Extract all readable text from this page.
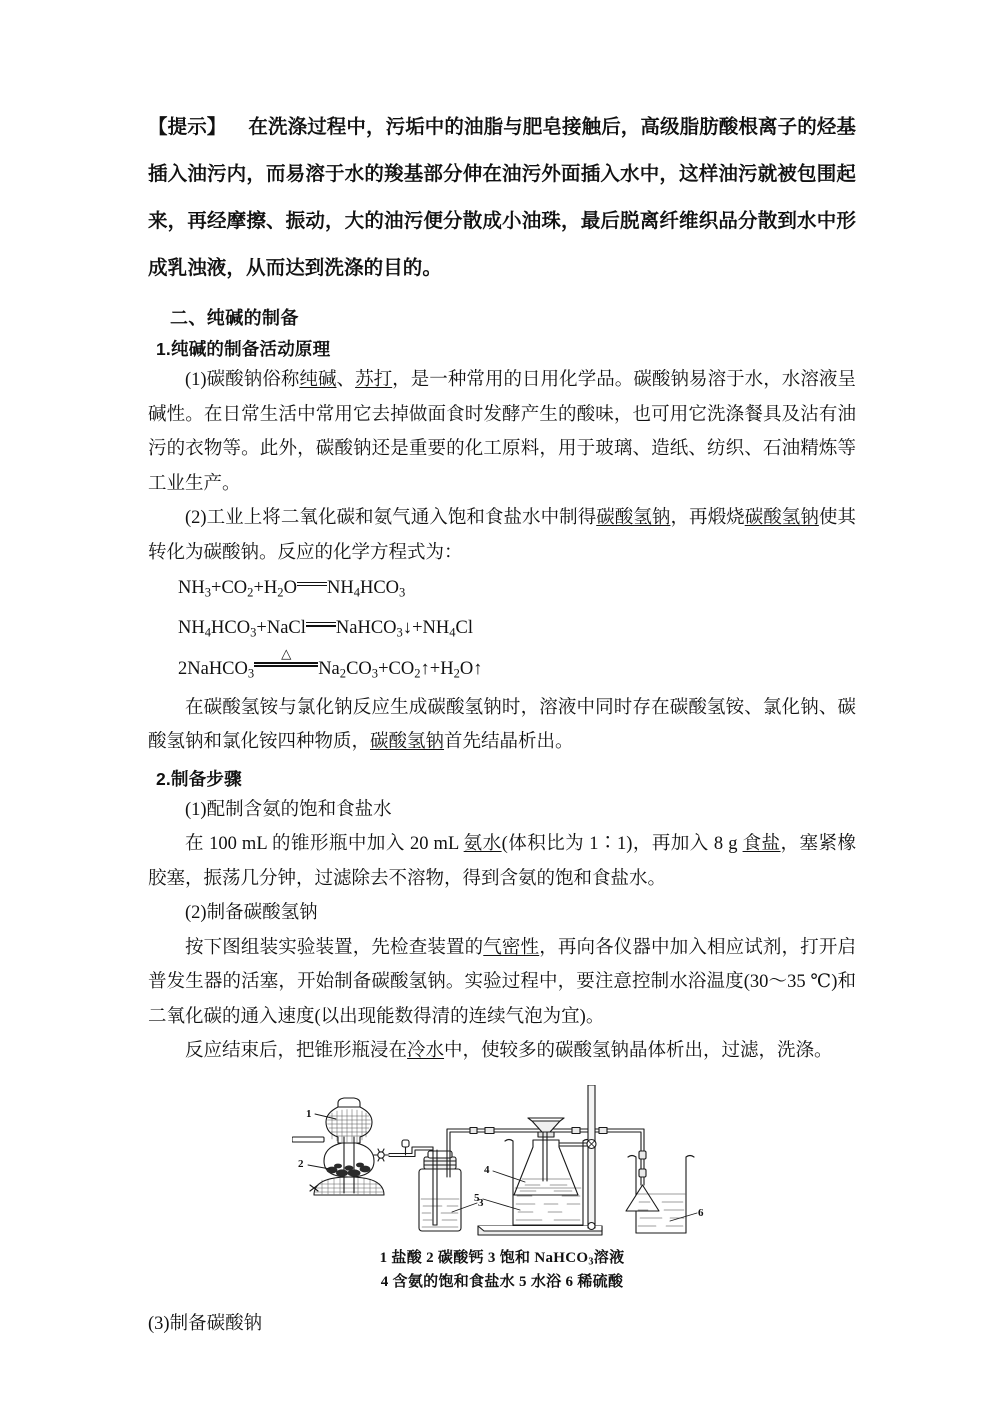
【提示】 在洗涤过程中，污垢中的油脂与肥皂接触后，高级脂肪酸根离子的烃基插入油污内，而易溶于水的羧基部分伸在油污外面插入水中，这样油污就被包围起来，再经摩擦、振动，大的油污便分散成小油珠，最后脱离纤维织品分散到水中形成乳浊液，从而达到洗涤的目的。
二、纯碱的制备
1.纯碱的制备活动原理

(1)碳酸钠俗称纯碱、苏打，是一种常用的日用化学品。碳酸钠易溶于水，水溶液呈碱性。在日常生活中常用它去掉做面食时发酵产生的酸味，也可用它洗涤餐具及沾有油污的衣物等。此外，碳酸钠还是重要的化工原料，用于玻璃、造纸、纺织、石油精炼等工业生产。

(2)工业上将二氧化碳和氨气通入饱和食盐水中制得碳酸氢钠，再煅烧碳酸氢钠使其转化为碳酸钠。反应的化学方程式为：

$NH_3+CO_2+H_2O$ $NH_4HCO_3$
$NH_4HCO_3+NaCl$ $NaHCO_3↓+NH_4Cl$
2NaHCO$_3$
△
$Na_2CO_3+CO_2↑+H_2O↑$

在碳酸氢铵与氯化钠反应生成碳酸氢钠时，溶液中同时存在碳酸氢铵、氯化钠、碳酸氢钠和氯化铵四种物质，碳酸氢钠首先结晶析出。

2.制备步骤

(1)配制含氨的饱和食盐水

在 100 mL 的锥形瓶中加入 20 mL 氨水(体积比为 1∶1)，再加入 8 g 食盐，塞紧橡胶塞，振荡几分钟，过滤除去不溶物，得到含氨的饱和食盐水。

(2)制备碳酸氢钠

按下图组装实验装置，先检查装置的气密性，再向各仪器中加入相应试剂，打开启普发生器的活塞，开始制备碳酸氢钠。实验过程中，要注意控制水浴温度(30～35 ℃)和二氧化碳的通入速度(以出现能数得清的连续气泡为宜)。

反应结束后，把锥形瓶浸在冷水中，使较多的碳酸氢钠晶体析出，过滤，洗涤。

1
2
3
4
5
6
1 盐酸 2 碳酸钙 3 饱和 NaHCO$_3$溶液
4 含氨的饱和食盐水 5 水浴 6 稀硫酸

(3)制备碳酸钠
